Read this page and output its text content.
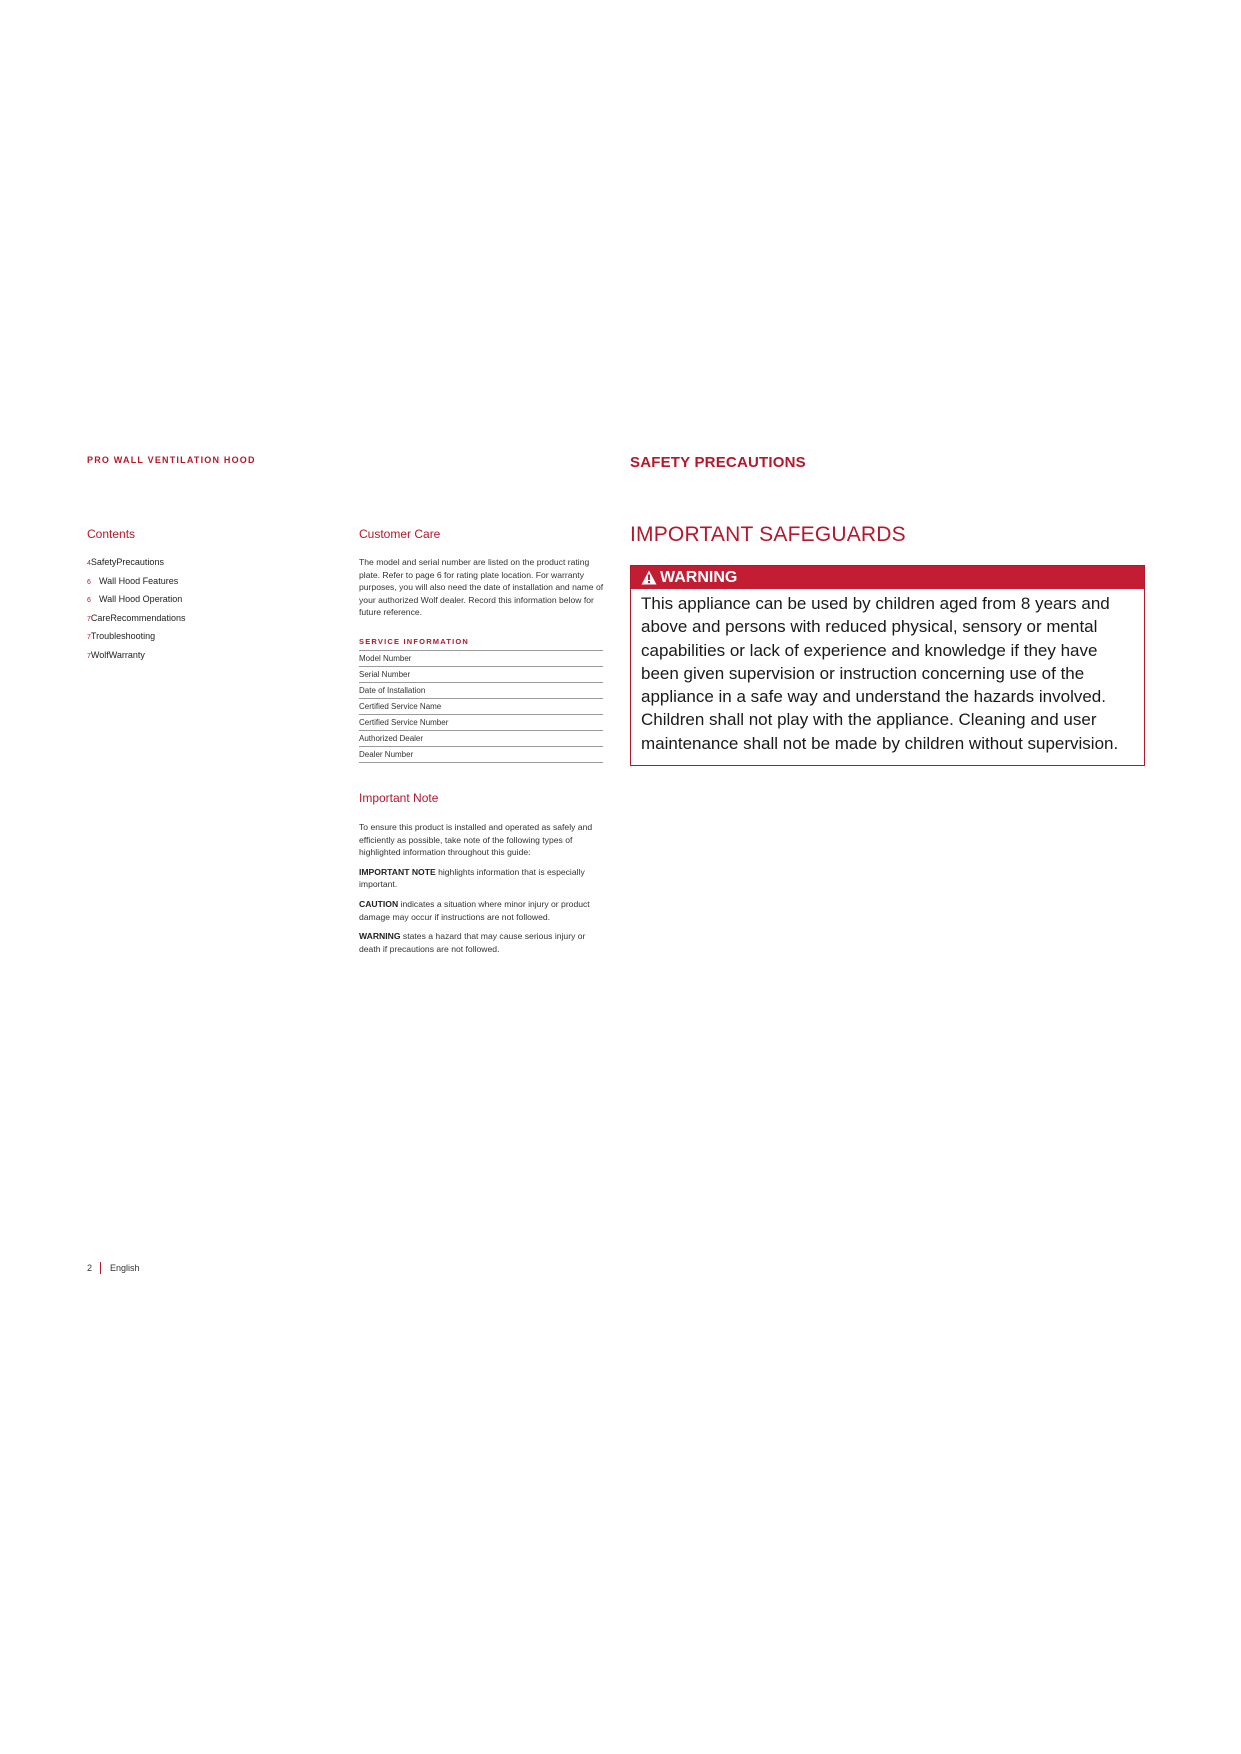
PRO WALL VENTILATION HOOD	SAFETY PRECAUTIONS
Contents
4SafetyPrecautions
6 Wall Hood Features
6 Wall Hood Operation
7CareRecommendations
7Troubleshooting
7WolfWarranty
Customer Care

The model and serial number are listed on the product rating plate. Refer to page 6 for rating plate location. For warranty purposes, you will also need the date of installation and name of your authorized Wolf dealer. Record this information below for future reference.

SERVICE INFORMATION
Model Number
Serial Number
Date of Installation
Certified Service Name
Certified Service Number
Authorized Dealer
Dealer Number
Important Note

To ensure this product is installed and operated as safely and efficiently as possible, take note of the following types of highlighted information throughout this guide:

IMPORTANT NOTE highlights information that is especially important.

CAUTION indicates a situation where minor injury or product damage may occur if instructions are not followed.

WARNING states a hazard that may cause serious injury or death if precautions are not followed.

IMPORTANT SAFEGUARDS
WARNING

This appliance can be used by children aged from 8 years and above and persons with reduced physical, sensory or mental capabilities or lack of experience and knowledge if they have been given supervision or instruction concerning use of the appliance in a safe way and understand the hazards involved. Children shall not play with the appliance. Cleaning and user maintenance shall not be made by children without supervision.

2 English
